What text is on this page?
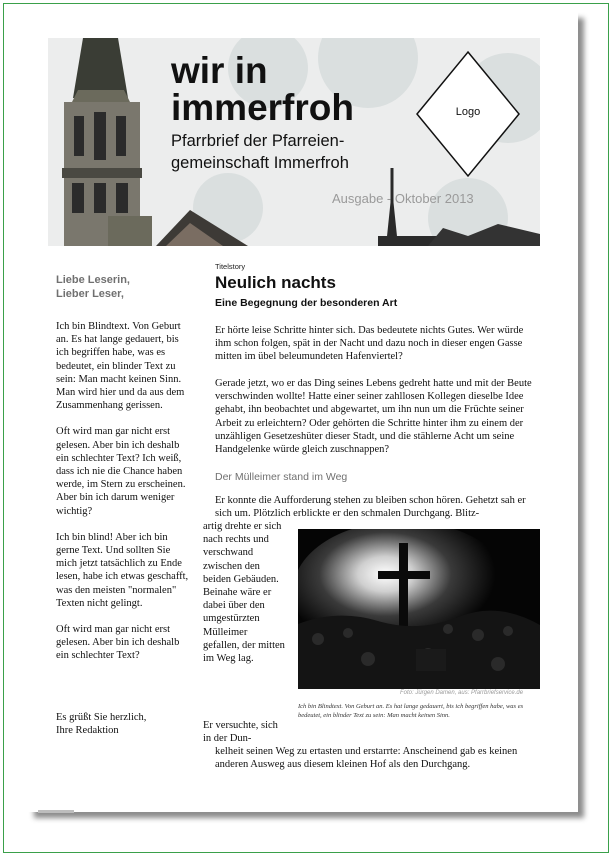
wir in
immerfroh
Pfarrbrief der Pfarreien-gemeinschaft Immerfroh
Ausgabe - Oktober 2013
Logo
Liebe Leserin,
Lieber Leser,

Ich bin Blindtext. Von Geburt an. Es hat lange gedauert, bis ich begriffen habe, was es bedeutet, ein blinder Text zu sein: Man macht keinen Sinn. Man wird hier und da aus dem Zusammenhang gerissen.

Oft wird man gar nicht erst gelesen. Aber bin ich deshalb ein schlechter Text? Ich weiß, dass ich nie die Chance haben werde, im Stern zu erscheinen. Aber bin ich darum weniger wichtig?

Ich bin blind! Aber ich bin gerne Text. Und sollten Sie mich jetzt tatsächlich zu Ende lesen, habe ich etwas geschafft, was den meisten "normalen" Texten nicht gelingt.

Oft wird man gar nicht erst gelesen. Aber bin ich deshalb ein schlechter Text?

Es grüßt Sie herzlich,
Ihre Redaktion
Titelstory
Neulich nachts
Eine Begegnung der besonderen Art

Er hörte leise Schritte hinter sich. Das bedeutete nichts Gutes. Wer würde ihm schon folgen, spät in der Nacht und dazu noch in dieser engen Gasse mitten im übel beleumundeten Hafenviertel?

Gerade jetzt, wo er das Ding seines Lebens gedreht hatte und mit der Beute verschwinden wollte! Hatte einer seiner zahllosen Kollegen dieselbe Idee gehabt, ihn beobachtet und abgewartet, um ihn nun um die Früchte seiner Arbeit zu erleichtern? Oder gehörten die Schritte hinter ihm zu einem der unzähligen Gesetzeshüter dieser Stadt, und die stählerne Acht um seine Handgelenke würde gleich zuschnappen?

Der Mülleimer stand im Weg

Er konnte die Aufforderung stehen zu bleiben schon hören. Gehetzt sah er sich um. Plötzlich erblickte er den schmalen Durchgang. Blitz-

artig drehte er sich nach rechts und verschwand zwischen den beiden Gebäuden. Beinahe wäre er dabei über den umgestürzten Mülleimer gefallen, der mitten im Weg lag.

Er versuchte, sich in der Dun-

kelheit seinen Weg zu ertasten und erstarrte: Anscheinend gab es keinen anderen Ausweg aus diesem kleinen Hof als den Durchgang.

Foto: Jürgen Damen, aus: Pfarrbriefservice.de
Ich bin Blindtext. Von Geburt an. Es hat lange gedauert, bis ich begriffen habe, was es bedeutet, ein blinder Text zu sein: Man macht keinen Sinn.
